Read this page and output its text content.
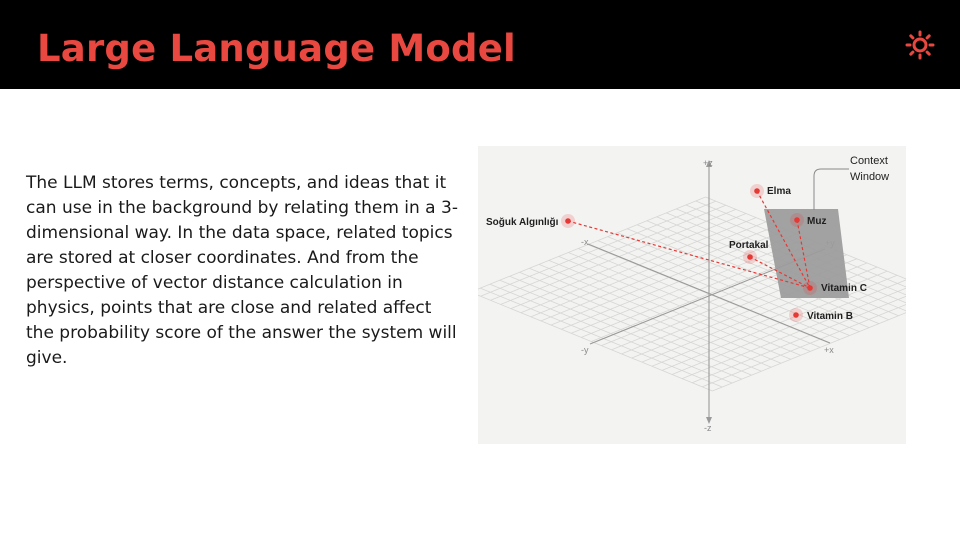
Large Language Model

The LLM stores terms, concepts, and ideas that it can use in the background by relating them in a 3-dimensional way. In the data space, related topics are stored at closer coordinates. And from the perspective of vector distance calculation in physics, points that are close and related affect the probability score of the answer the system will give.

+z
-z
-x
+x
-y
Context
Window
Elma
Soğuk Algınlığı	Muz
Portakal
Vitamin C
Vitamin B
